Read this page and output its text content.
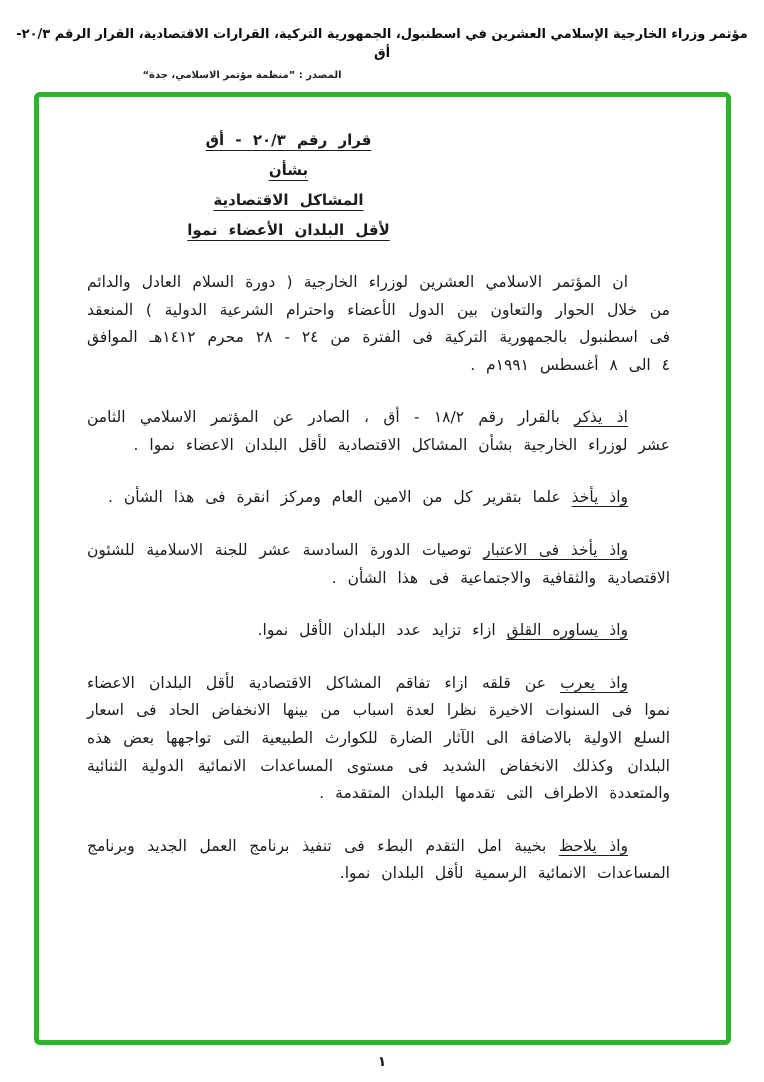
مؤتمر وزراء الخارجية الإسلامي العشرين في اسطنبول، الجمهورية التركية، القرارات الاقتصادية، القرار الرقم ٢٠/٣-أق
المصدر : ”منظمة مؤتمر الاسلامي، جدة“
قرار رقم ٢٠/٣ - أق
بشأن
المشاكل الاقتصادية
لأقل البلدان الأعضاء نموا

ان المؤتمر الاسلامي العشرين لوزراء الخارجية ( دورة السلام العادل والدائم من خلال الحوار والتعاون بين الدول الأعضاء واحترام الشرعية الدولية ) المنعقد فى اسطنبول بالجمهورية التركية فى الفترة من ٢٤ - ٢٨ محرم ١٤١٢هـ الموافق ٤ الى ٨ أغسطس ١٩٩١م .

اذ يذكر بالقرار رقم ١٨/٢ - أق ، الصادر عن المؤتمر الاسلامي الثامن عشر لوزراء الخارجية بشأن المشاكل الاقتصادية لأقل البلدان الاعضاء نموا .

واذ يأخذ علما بتقرير كل من الامين العام ومركز انقرة فى هذا الشأن .

واذ يأخذ فى الاعتبار توصيات الدورة السادسة عشر للجنة الاسلامية للشئون الاقتصادية والثقافية والاجتماعية فى هذا الشأن .

واذ يساوره القلق ازاء تزايد عدد البلدان الأقل نموا.

واذ يعرب عن قلقه ازاء تفاقم المشاكل الاقتصادية لأقل البلدان الاعضاء نموا فى السنوات الاخيرة نظرا لعدة اسباب من بينها الانخفاض الحاد فى اسعار السلع الاولية بالاضافة الى الآثار الضارة للكوارث الطبيعية التى تواجهها بعض هذه البلدان وكذلك الانخفاض الشديد فى مستوى المساعدات الانمائية الدولية الثنائية والمتعددة الاطراف التى تقدمها البلدان المتقدمة .

واذ يلاحظ بخيبة امل التقدم البطء فى تنفيذ برنامج العمل الجديد وبرنامج المساعدات الانمائية الرسمية لأقل البلدان نموا.

١
